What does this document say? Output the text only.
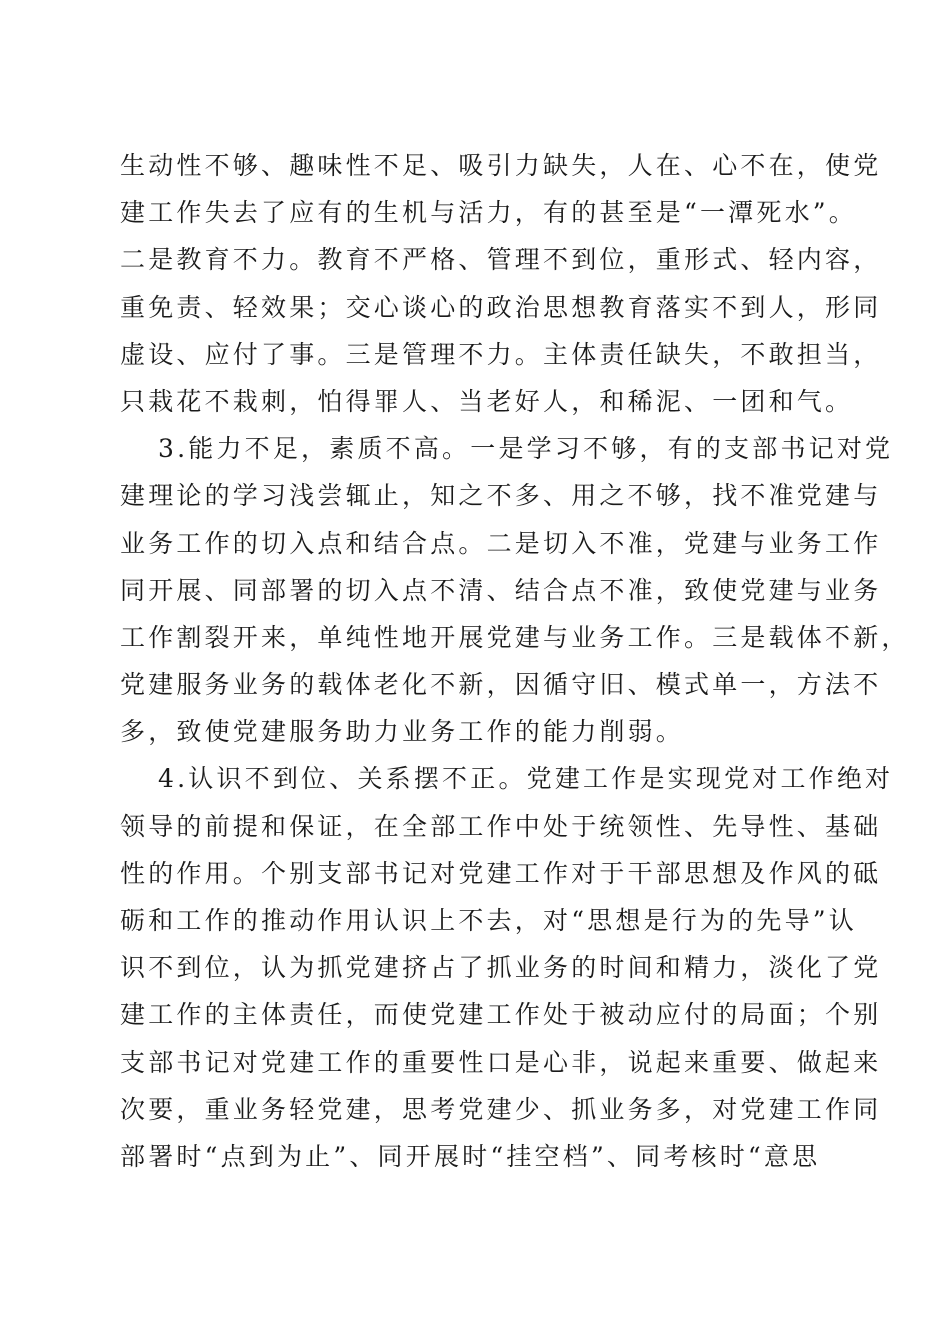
生动性不够、趣味性不足、吸引力缺失，人在、心不在，使党
建工作失去了应有的生机与活力，有的甚至是“一潭死水”。
二是教育不力。教育不严格、管理不到位，重形式、轻内容，
重免责、轻效果；交心谈心的政治思想教育落实不到人，形同
虚设、应付了事。三是管理不力。主体责任缺失，不敢担当，
只栽花不栽刺，怕得罪人、当老好人，和稀泥、一团和气。
3.能力不足，素质不高。一是学习不够，有的支部书记对党
建理论的学习浅尝辄止，知之不多、用之不够，找不准党建与
业务工作的切入点和结合点。二是切入不准，党建与业务工作
同开展、同部署的切入点不清、结合点不准，致使党建与业务
工作割裂开来，单纯性地开展党建与业务工作。三是载体不新，
党建服务业务的载体老化不新，因循守旧、模式单一，方法不
多，致使党建服务助力业务工作的能力削弱。
4.认识不到位、关系摆不正。党建工作是实现党对工作绝对
领导的前提和保证，在全部工作中处于统领性、先导性、基础
性的作用。个别支部书记对党建工作对于干部思想及作风的砥
砺和工作的推动作用认识上不去，对“思想是行为的先导”认
识不到位，认为抓党建挤占了抓业务的时间和精力，淡化了党
建工作的主体责任，而使党建工作处于被动应付的局面；个别
支部书记对党建工作的重要性口是心非，说起来重要、做起来
次要，重业务轻党建，思考党建少、抓业务多，对党建工作同
部署时“点到为止”、同开展时“挂空档”、同考核时“意思
